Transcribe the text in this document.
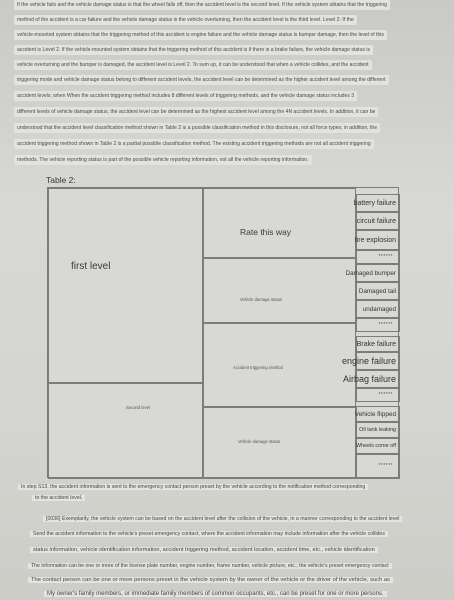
If the vehicle fails and the vehicle damage status is that the wheel falls off, then the accident level is the second level. If the vehicle system obtains that the triggering
method of the accident is a car failure and the vehicle damage status is the vehicle overturning, then the accident level is the third level. Level 2: If the
vehicle-mounted system obtains that the triggering method of this accident is engine failure and the vehicle damage status is bumper damage, then the level of this
accident is Level 2. If the vehicle-mounted system obtains that the triggering method of this accident is if there is a brake failure, the vehicle damage status is
vehicle overturning and the bumper is damaged, the accident level is Level 2. To sum up, it can be understood that when a vehicle collides, and the accident
triggering mode and vehicle damage status belong to different accident levels, the accident level can be determined as the higher accident level among the different
accident levels; when When the accident triggering method includes 8 different levels of triggering methods, and the vehicle damage status includes 3
different levels of vehicle damage status, the accident level can be determined as the highest accident level among the 4N accident levels. In addition, it can be
understood that the accident level classification method shown in Table 2 is a possible classification method in this disclosure, not all force types; in addition, the
accident triggering method shown in Table 2 is a partial possible classification method. The existing accident triggering methods are not all accident triggering
methods. The vehicle reporting status is part of the possible vehicle reporting information, not all the vehicle reporting information.
Table 2:
first level
Second level
Rate this way
Vehicle damage status
Accident triggering method
Vehicle damage status
battery failure
circuit failure
tire explosion
******
Damaged bumper
Damaged tail
undamaged
******
Brake failure
engine failure
Airbag failure
******
Vehicle flipped
Oil tank leaking
Wheels come off
******
In step S13, the accident information is sent to the emergency contact person preset by the vehicle according to the notification method corresponding
to the accident level.
[0036] Exemplarily, the vehicle system can be based on the accident level after the collision of the vehicle, in a manner corresponding to the accident level
Send the accident information to the vehicle's preset emergency contact, where the accident information may include information after the vehicle collides
status information, vehicle identification information, accident triggering method, accident location, accident time, etc., vehicle identification
The information can be one or more of the license plate number, engine number, frame number, vehicle picture, etc.; the vehicle's preset emergency contact
The contact person can be one or more persons preset in the vehicle system by the owner of the vehicle or the driver of the vehicle, such as
My owner's family members, or immediate family members of common occupants, etc., can be preset for one or more persons.
